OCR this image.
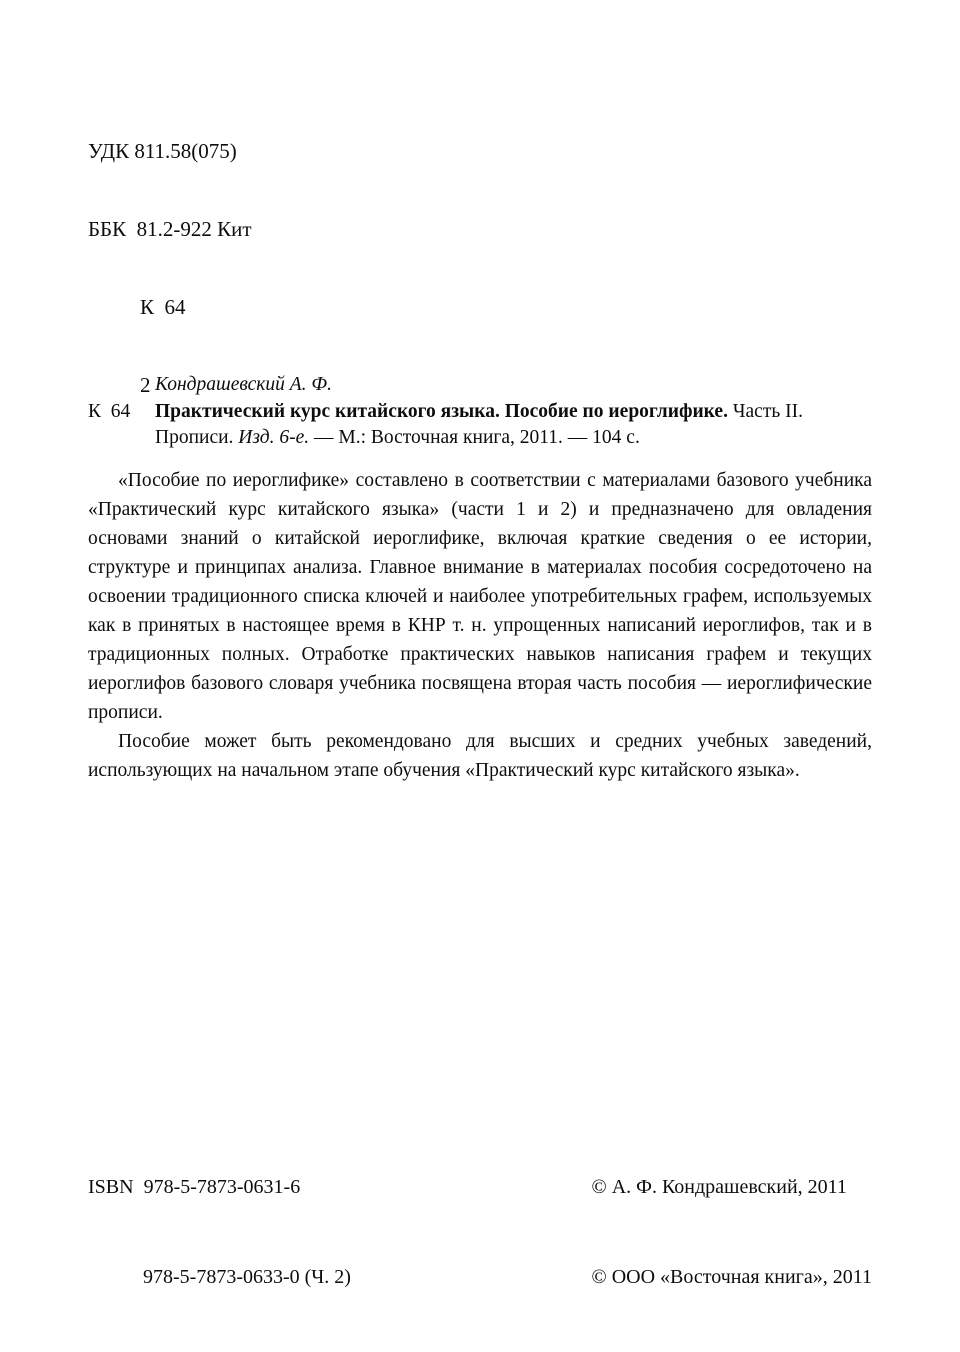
УДК 811.58(075)

ББК  81.2-922 Кит

К  64

2

К  64
Кондрашевский А. Ф.
Практический курс китайского языка. Пособие по иероглифике. Часть II.
Прописи. Изд. 6-е. — М.: Восточная книга, 2011. — 104 с.

«Пособие по иероглифике» составлено в соответствии с материалами базового учебника «Практический курс китайского языка» (части 1 и 2) и предназначено для овладения основами знаний о китайской иероглифике, включая краткие сведения о ее истории, структуре и принципах анализа. Главное внимание в материалах пособия сосредоточено на освоении традиционного списка ключей и наиболее употребительных графем, используемых как в принятых в настоящее время в КНР т. н. упрощенных написаний иероглифов, так и в традиционных полных. Отработке практических навыков написания графем и текущих иероглифов базового словаря учебника посвящена вторая часть пособия — иероглифические прописи.

Пособие может быть рекомендовано для высших и средних учебных заведений, использующих на начальном этапе обучения «Практический курс китайского языка».

ISBN  978-5-7873-0631-6

978-5-7873-0633-0 (Ч. 2)

© А. Ф. Кондрашевский, 2011

© ООО «Восточная книга», 2011
